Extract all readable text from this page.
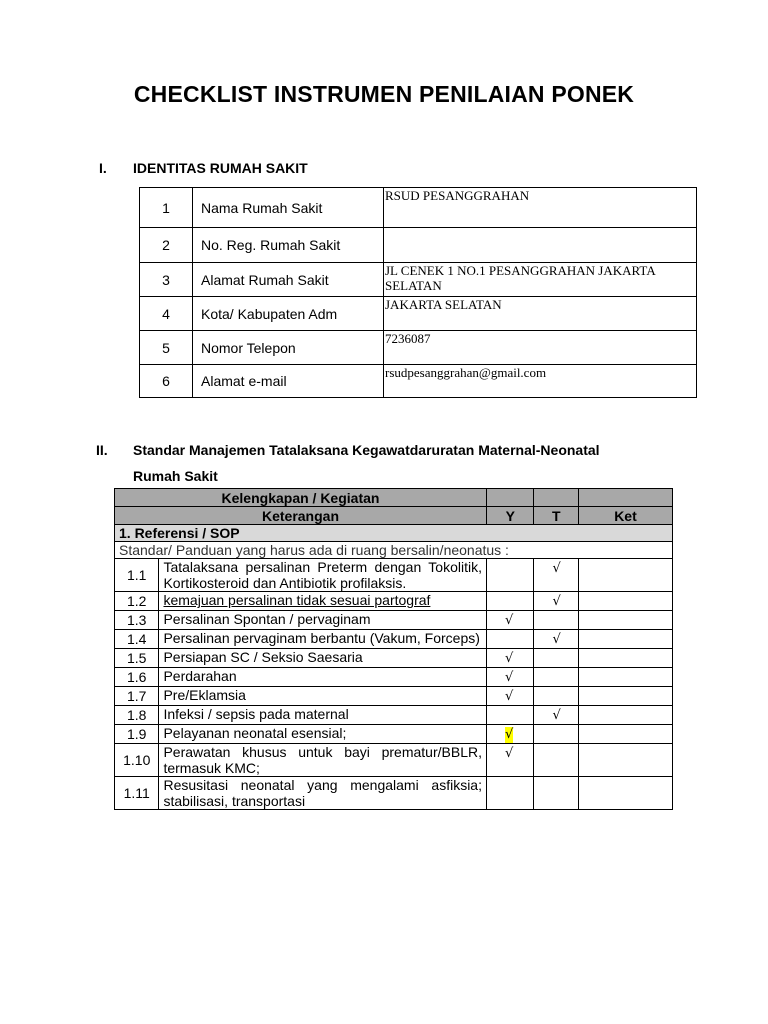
CHECKLIST INSTRUMEN PENILAIAN PONEK
I. IDENTITAS RUMAH SAKIT
1	Nama Rumah Sakit	RSUD PESANGGRAHAN
2	No. Reg. Rumah Sakit	
3	Alamat Rumah Sakit	JL CENEK 1 NO.1 PESANGGRAHAN JAKARTA SELATAN
4	Kota/ Kabupaten Adm	JAKARTA SELATAN
5	Nomor Telepon	7236087
6	Alamat e-mail	rsudpesanggrahan@gmail.com
II. Standar Manajemen Tatalaksana Kegawatdaruratan Maternal-Neonatal
Rumah Sakit
Kelengkapan / Kegiatan				
Keterangan		Y	T	Ket
1. Referensi / SOP				
Standar/ Panduan yang harus ada di ruang bersalin/neonatus :				
1.1	Tatalaksana persalinan Preterm dengan Tokolitik, Kortikosteroid dan Antibiotik profilaksis.		√	
1.2	kemajuan persalinan tidak sesuai partograf		√	
1.3	Persalinan Spontan / pervaginam	√		
1.4	Persalinan pervaginam berbantu (Vakum, Forceps)		√	
1.5	Persiapan SC / Seksio Saesaria	√		
1.6	Perdarahan	√		
1.7	Pre/Eklamsia	√		
1.8	Infeksi / sepsis pada maternal		√	
1.9	Pelayanan neonatal esensial;	√		
1.10	Perawatan khusus untuk bayi prematur/BBLR, termasuk KMC;	√		
1.11	Resusitasi neonatal yang mengalami asfiksia; stabilisasi, transportasi			
